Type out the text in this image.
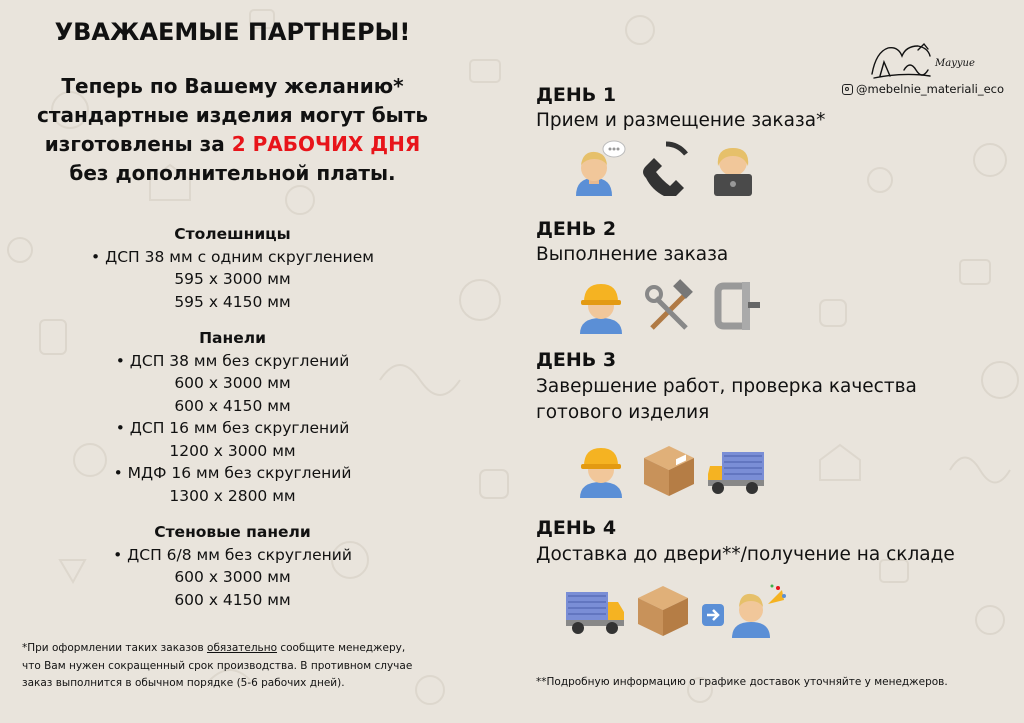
УВАЖАЕМЫЕ ПАРТНЕРЫ!
Теперь по Вашему желанию*
стандартные изделия могут быть
изготовлены за 2 РАБОЧИХ ДНЯ
без дополнительной платы.
Столешницы
• ДСП 38 мм с одним скруглением
595 х 3000 мм
595 х 4150 мм
Панели
• ДСП 38 мм без скруглений
600 х 3000 мм
600 х 4150 мм
• ДСП 16 мм без скруглений
1200 х 3000 мм
• МДФ 16 мм без скруглений
1300 х 2800 мм
Стеновые панели
• ДСП 6/8 мм без скруглений
600 х 3000 мм
600 х 4150 мм
*При оформлении таких заказов обязательно сообщите менеджеру,
что Вам нужен сокращенный срок производства. В противном случае
заказ выполнится в обычном порядке (5-6 рабочих дней).	**Подробную информацию о графике доставок уточняйте у менеджеров.
Mayyue
@mebelnie_materiali_eco
ДЕНЬ 1
Прием и размещение заказа*
ДЕНЬ 2
Выполнение заказа
ДЕНЬ 3
Завершение работ, проверка качества
готового изделия
ДЕНЬ 4
Доставка до двери**/получение на складе
